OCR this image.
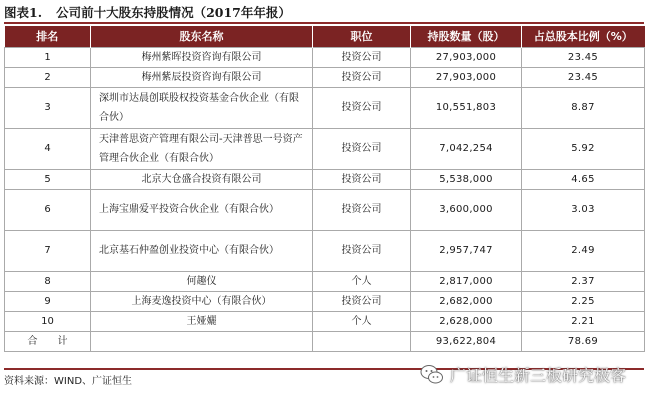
图表1. 公司前十大股东持股情况（2017年年报）
排名	股东名称	职位	持股数量（股）	占总股本比例（%）
1	梅州紫晖投资咨询有限公司	投资公司	27,903,000	23.45
2	梅州紫辰投资咨询有限公司	投资公司	27,903,000	23.45
3	深圳市达晨创联股权投资基金合伙企业（有限合伙）	投资公司	10,551,803	8.87
4	天津普思资产管理有限公司-天津普思一号资产管理合伙企业（有限合伙）	投资公司	7,042,254	5.92
5	北京大仓盛合投资有限公司	投资公司	5,538,000	4.65
6	上海宝鼎爱平投资合伙企业（有限合伙）	投资公司	3,600,000	3.03
7	北京基石仲盈创业投资中心（有限合伙）	投资公司	2,957,747	2.49
8	何趣仪	个人	2,817,000	2.37
9	上海麦逸投资中心（有限合伙）	投资公司	2,682,000	2.25
10	王娅孋	个人	2,628,000	2.21
合　　计			93,622,804	78.69
资料来源：WIND、广证恒生	广证恒生新三板研究极客
